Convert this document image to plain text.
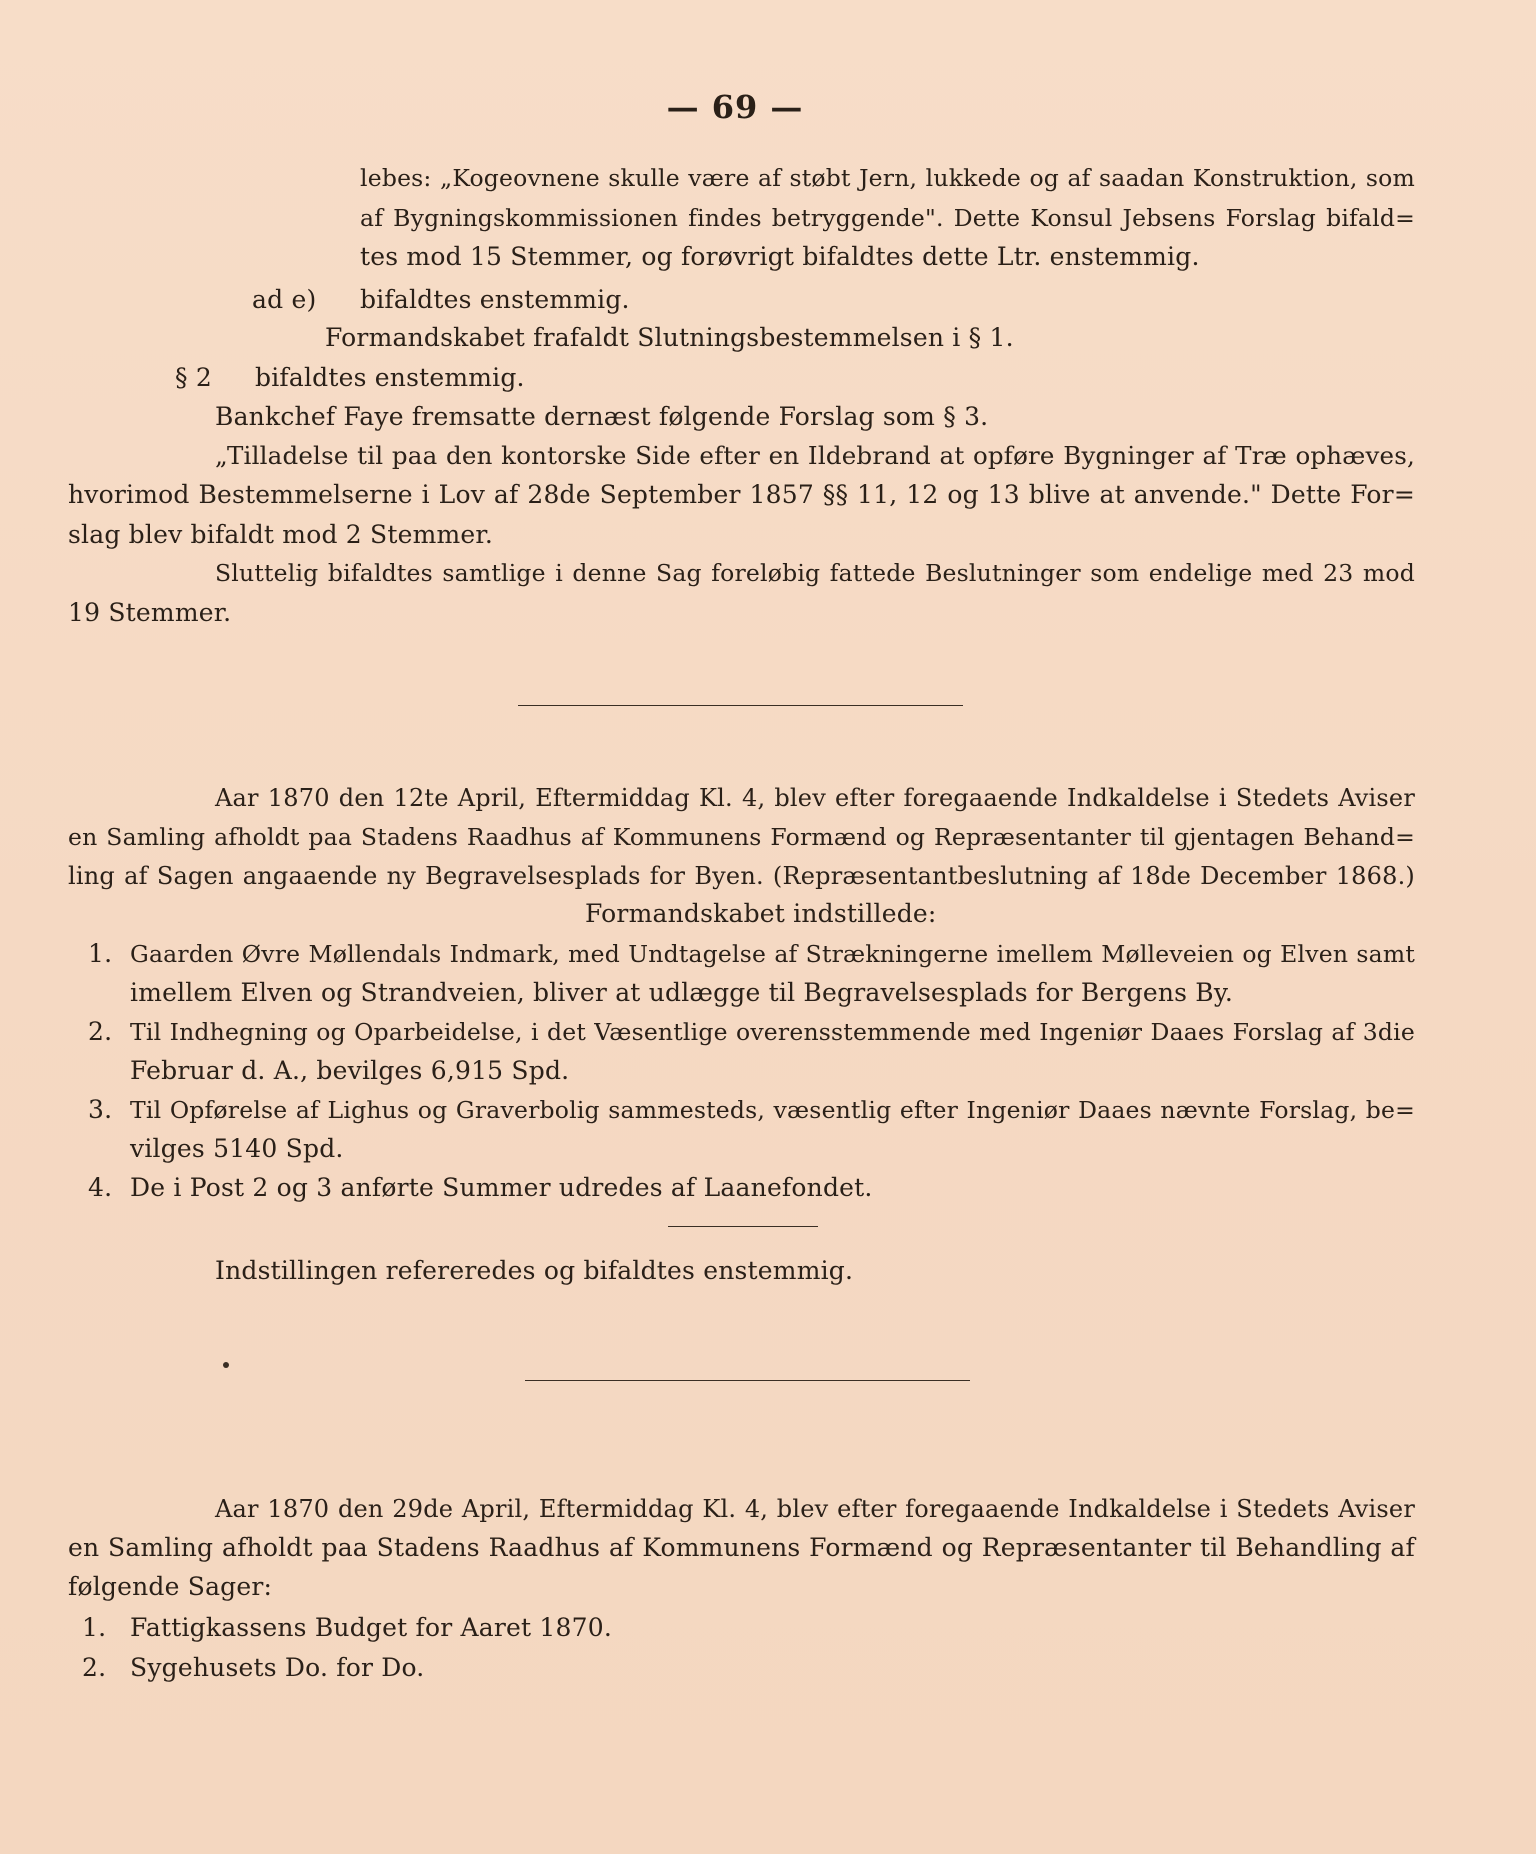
— 69 —
lebes: „Kogeovnene skulle være af støbt Jern, lukkede og af saadan Konstruktion, som
af Bygningskommissionen findes betryggende". Dette Konsul Jebsens Forslag bifald=
tes mod 15 Stemmer, og forøvrigt bifaldtes dette Ltr. enstemmig.
ad e) bifaldtes enstemmig.
Formandskabet frafaldt Slutningsbestemmelsen i § 1.
§ 2 bifaldtes enstemmig.
Bankchef Faye fremsatte dernæst følgende Forslag som § 3.
„Tilladelse til paa den kontorske Side efter en Ildebrand at opføre Bygninger af Træ ophæves,
hvorimod Bestemmelserne i Lov af 28de September 1857 §§ 11, 12 og 13 blive at anvende." Dette For=
slag blev bifaldt mod 2 Stemmer.
Sluttelig bifaldtes samtlige i denne Sag foreløbig fattede Beslutninger som endelige med 23 mod
19 Stemmer.
Aar 1870 den 12te April, Eftermiddag Kl. 4, blev efter foregaaende Indkaldelse i Stedets Aviser
en Samling afholdt paa Stadens Raadhus af Kommunens Formænd og Repræsentanter til gjentagen Behand=
ling af Sagen angaaende ny Begravelsesplads for Byen. (Repræsentantbeslutning af 18de December 1868.)
Formandskabet indstillede:
1. Gaarden Øvre Møllendals Indmark, med Undtagelse af Strækningerne imellem Mølleveien og Elven samt
imellem Elven og Strandveien, bliver at udlægge til Begravelsesplads for Bergens By.
2. Til Indhegning og Oparbeidelse, i det Væsentlige overensstemmende med Ingeniør Daaes Forslag af 3die
Februar d. A., bevilges 6,915 Spd.
3. Til Opførelse af Lighus og Graverbolig sammesteds, væsentlig efter Ingeniør Daaes nævnte Forslag, be=
vilges 5140 Spd.
4. De i Post 2 og 3 anførte Summer udredes af Laanefondet.
Indstillingen refereredes og bifaldtes enstemmig.
Aar 1870 den 29de April, Eftermiddag Kl. 4, blev efter foregaaende Indkaldelse i Stedets Aviser
en Samling afholdt paa Stadens Raadhus af Kommunens Formænd og Repræsentanter til Behandling af
følgende Sager:
1. Fattigkassens Budget for Aaret 1870.
2. Sygehusets Do. for Do.
